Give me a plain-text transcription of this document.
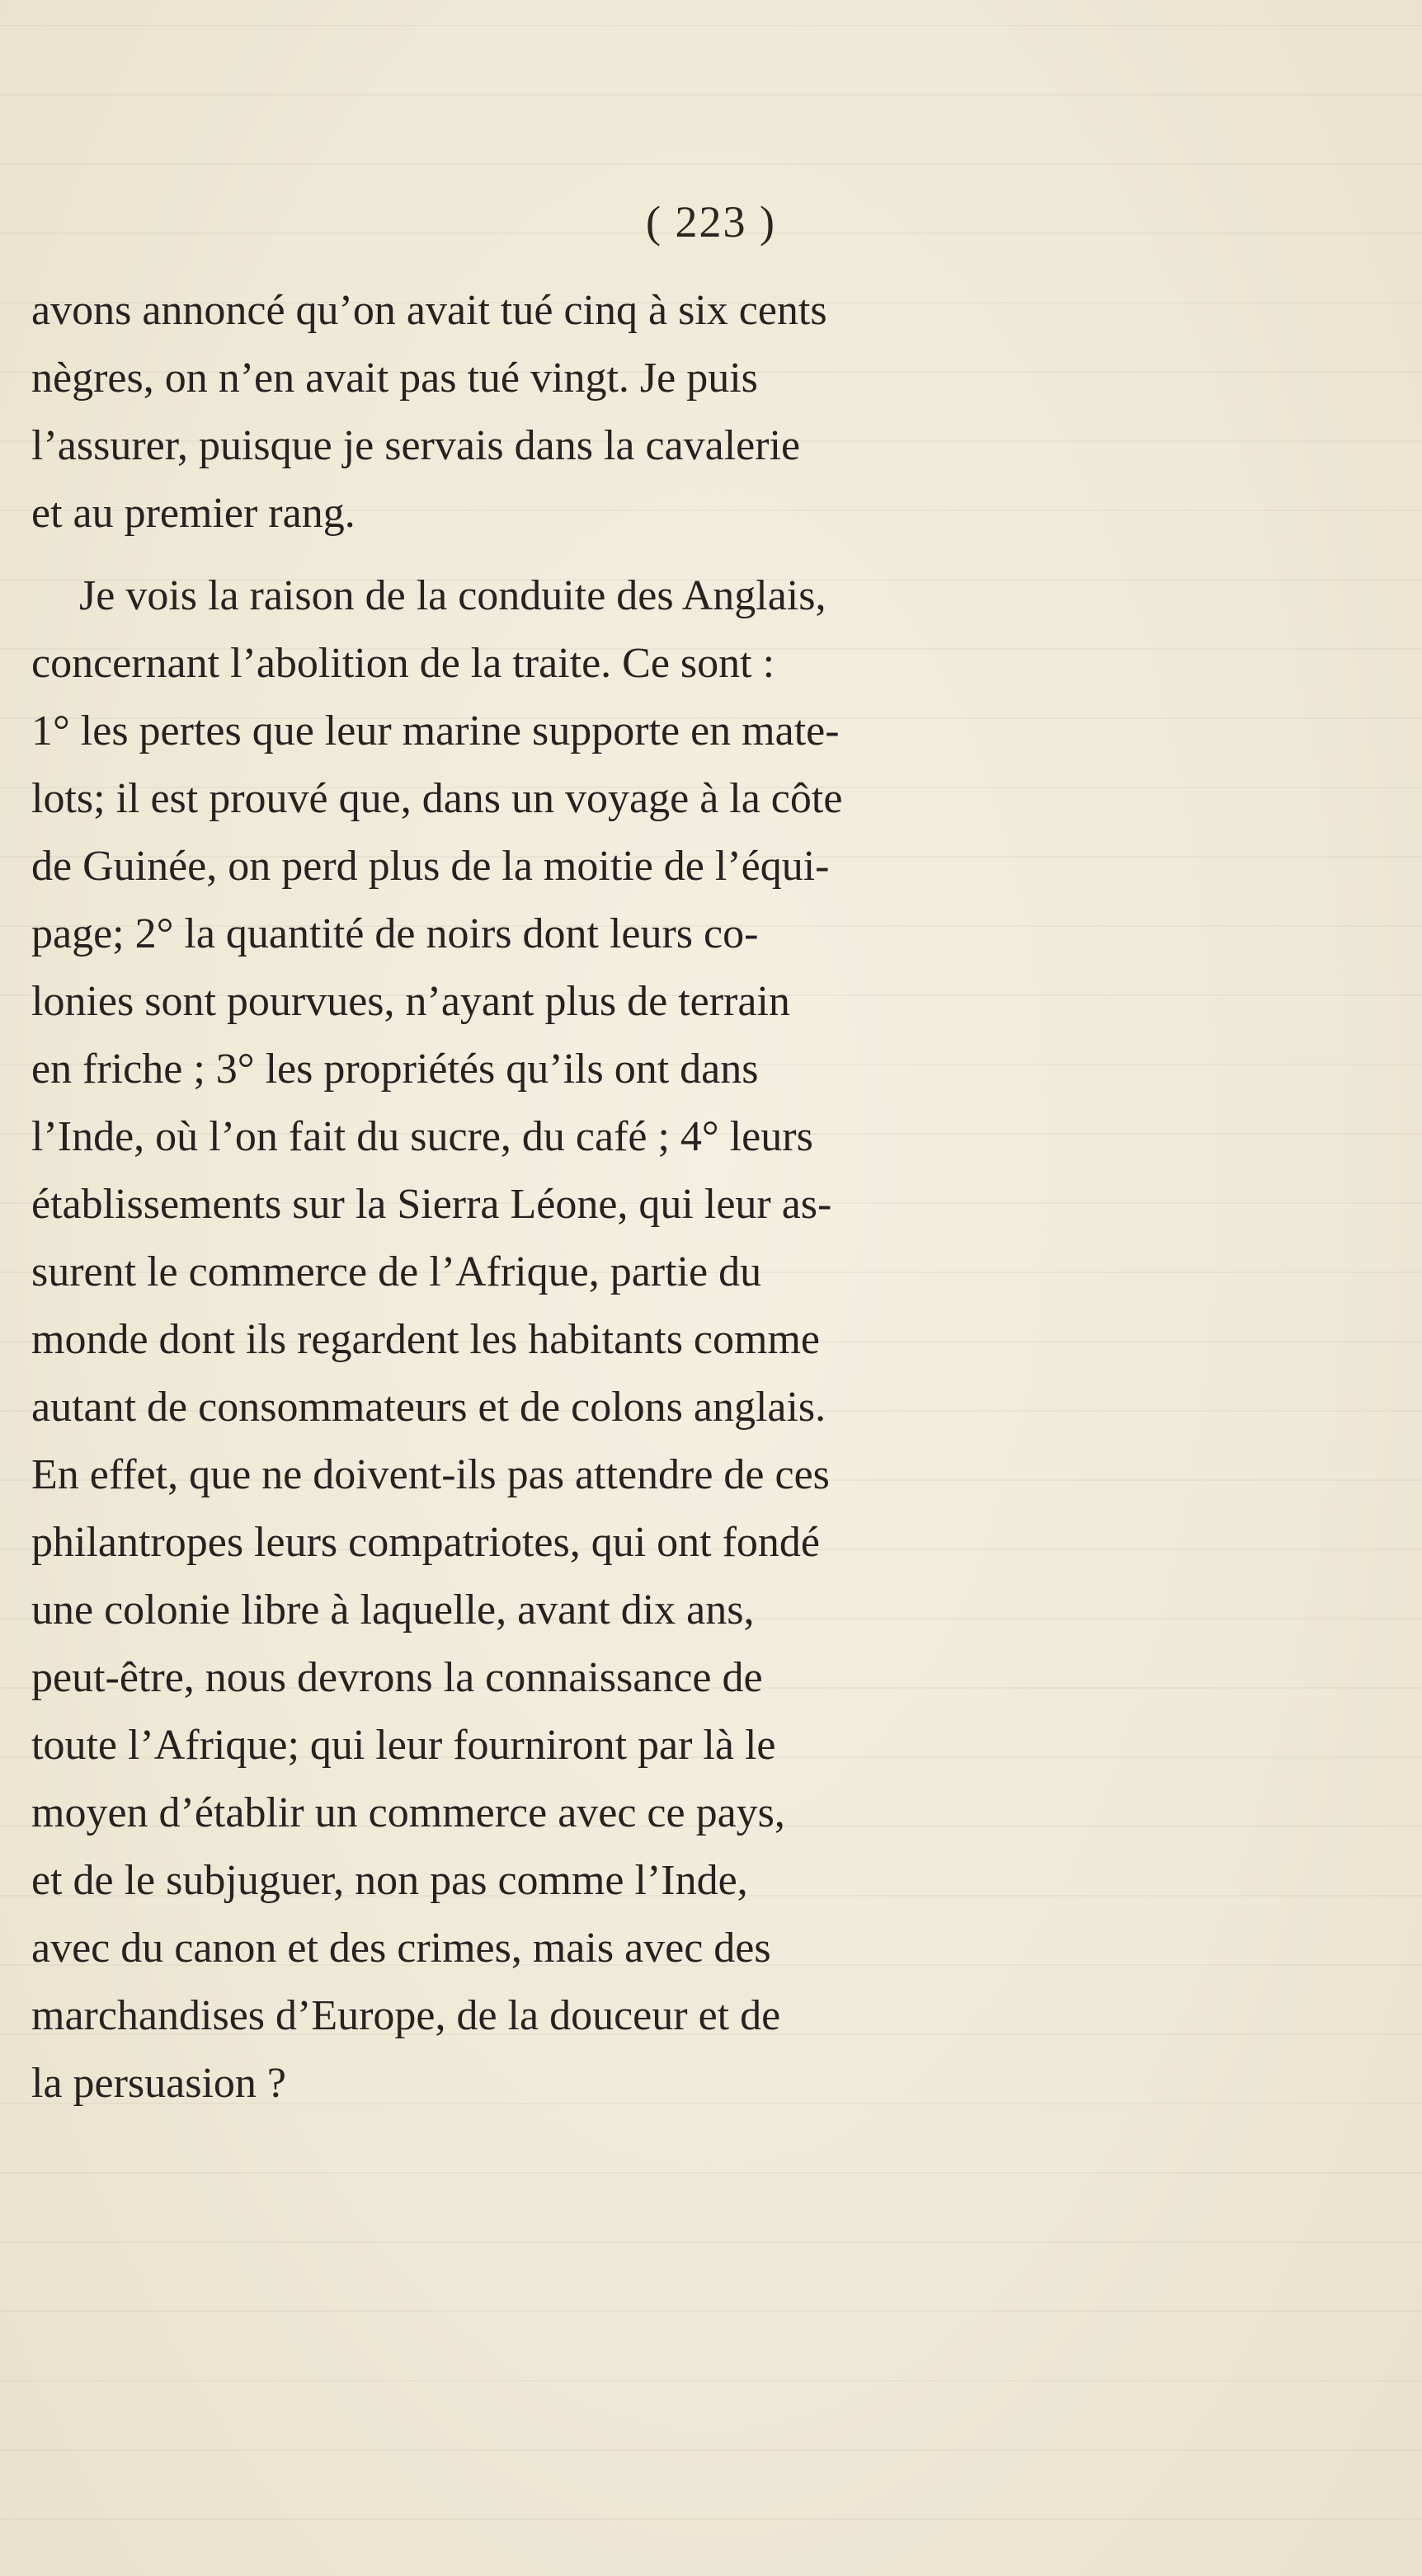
( 223 )
avons annoncé qu’on avait tué cinq à six cents
nègres, on n’en avait pas tué vingt. Je puis
l’assurer, puisque je servais dans la cavalerie
et au premier rang.
Je vois la raison de la conduite des Anglais,
concernant l’abolition de la traite. Ce sont :
1° les pertes que leur marine supporte en mate-
lots; il est prouvé que, dans un voyage à la côte
de Guinée, on perd plus de la moitie de l’équi-
page; 2° la quantité de noirs dont leurs co-
lonies sont pourvues, n’ayant plus de terrain
en friche ; 3° les propriétés qu’ils ont dans
l’Inde, où l’on fait du sucre, du café ; 4° leurs
établissements sur la Sierra Léone, qui leur as-
surent le commerce de l’Afrique, partie du
monde dont ils regardent les habitants comme
autant de consommateurs et de colons anglais.
En effet, que ne doivent-ils pas attendre de ces
philantropes leurs compatriotes, qui ont fondé
une colonie libre à laquelle, avant dix ans,
peut-être, nous devrons la connaissance de
toute l’Afrique; qui leur fourniront par là le
moyen d’établir un commerce avec ce pays,
et de le subjuguer, non pas comme l’Inde,
avec du canon et des crimes, mais avec des
marchandises d’Europe, de la douceur et de
la persuasion ?
